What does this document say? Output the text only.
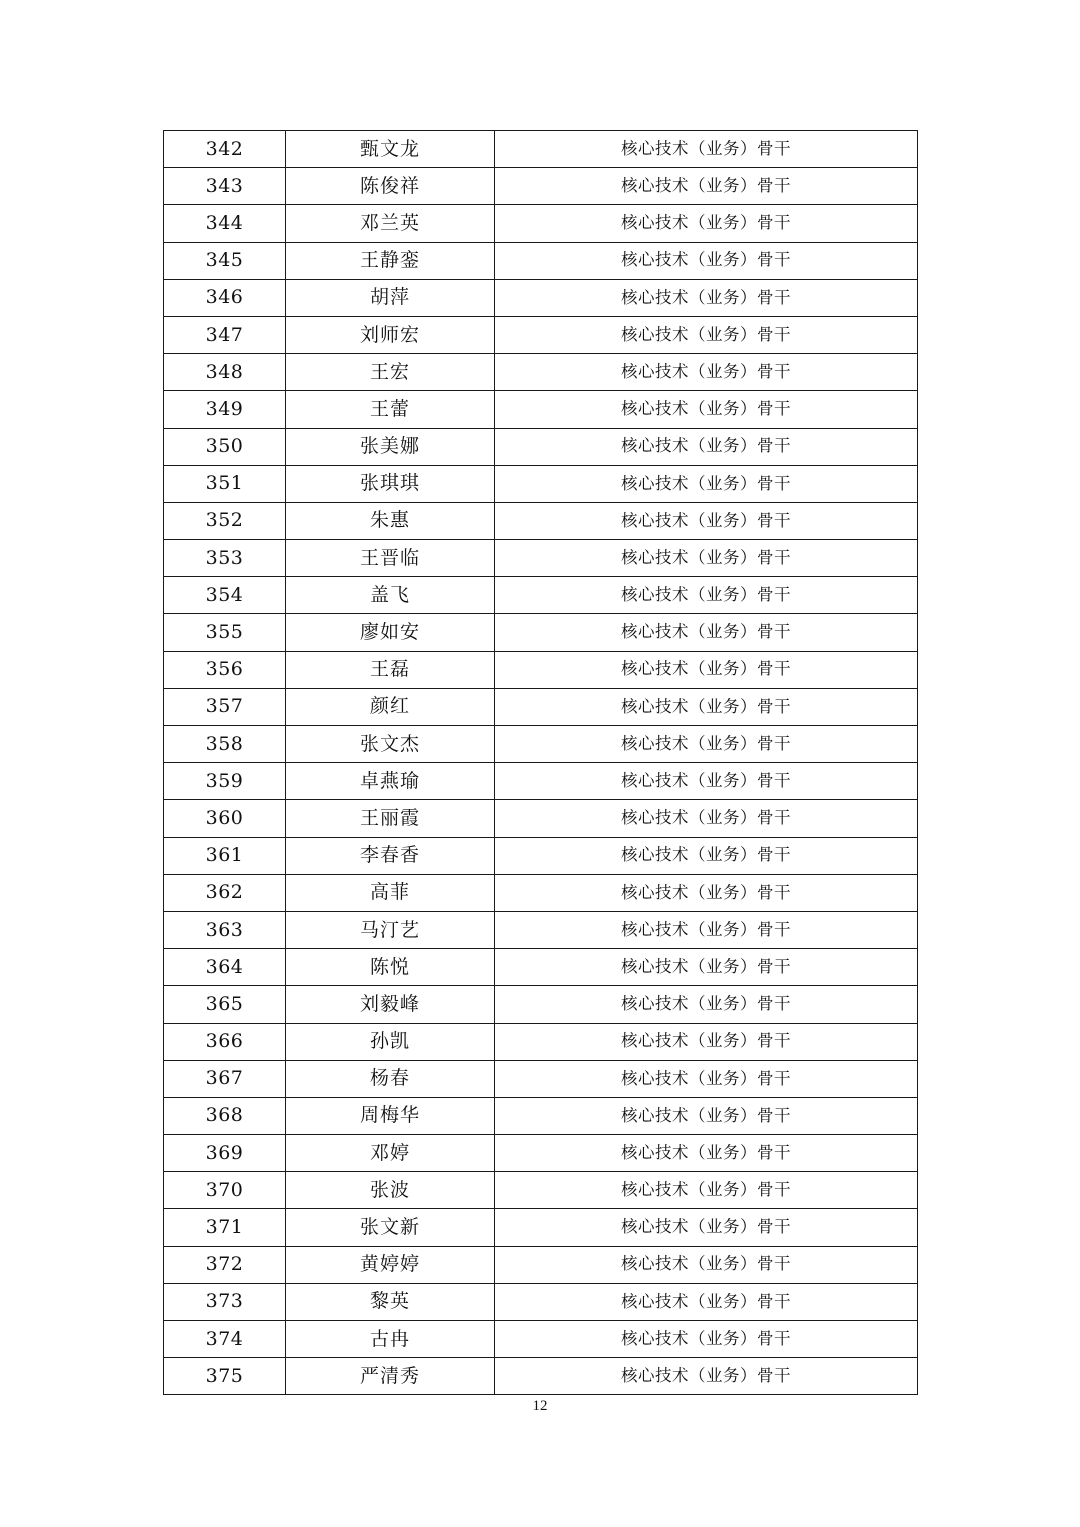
342	甄文龙	核心技术（业务）骨干
343	陈俊祥	核心技术（业务）骨干
344	邓兰英	核心技术（业务）骨干
345	王静銮	核心技术（业务）骨干
346	胡萍	核心技术（业务）骨干
347	刘师宏	核心技术（业务）骨干
348	王宏	核心技术（业务）骨干
349	王蕾	核心技术（业务）骨干
350	张美娜	核心技术（业务）骨干
351	张琪琪	核心技术（业务）骨干
352	朱惠	核心技术（业务）骨干
353	王晋临	核心技术（业务）骨干
354	盖飞	核心技术（业务）骨干
355	廖如安	核心技术（业务）骨干
356	王磊	核心技术（业务）骨干
357	颜红	核心技术（业务）骨干
358	张文杰	核心技术（业务）骨干
359	卓燕瑜	核心技术（业务）骨干
360	王丽霞	核心技术（业务）骨干
361	李春香	核心技术（业务）骨干
362	高菲	核心技术（业务）骨干
363	马汀艺	核心技术（业务）骨干
364	陈悦	核心技术（业务）骨干
365	刘毅峰	核心技术（业务）骨干
366	孙凯	核心技术（业务）骨干
367	杨春	核心技术（业务）骨干
368	周梅华	核心技术（业务）骨干
369	邓婷	核心技术（业务）骨干
370	张波	核心技术（业务）骨干
371	张文新	核心技术（业务）骨干
372	黄婷婷	核心技术（业务）骨干
373	黎英	核心技术（业务）骨干
374	古冉	核心技术（业务）骨干
375	严清秀	核心技术（业务）骨干
12
